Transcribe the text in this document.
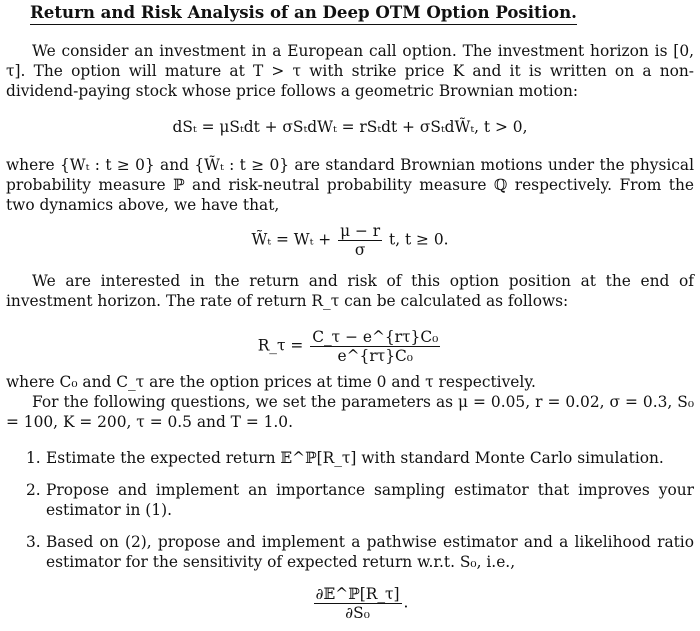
Return and Risk Analysis of an Deep OTM Option Position.
We consider an investment in a European call option. The investment horizon is [0, τ]. The option will mature at T > τ with strike price K and it is written on a non-dividend-paying stock whose price follows a geometric Brownian motion:
dSₜ = μSₜdt + σSₜdWₜ = rSₜdt + σSₜdW̃ₜ, t > 0,
where {Wₜ : t ≥ 0} and {W̃ₜ : t ≥ 0} are standard Brownian motions under the physical probability measure ℙ and risk-neutral probability measure ℚ respectively. From the two dynamics above, we have that,
W̃ₜ = $W_t + \frac{\mu - r}{\sigma} t$, t ≥ 0.
We are interested in the return and risk of this option position at the end of investment horizon. The rate of return R_τ can be calculated as follows:
R_τ = $\frac{\text{C\_τ − e\textasciicircum{}\{rτ\}C₀}}{\text{e\textasciicircum{}\{rτ\}C₀}}$
where C₀ and C_τ are the option prices at time 0 and τ respectively.
For the following questions, we set the parameters as μ = 0.05, r = 0.02, σ = 0.3, S₀ = 100, K = 200, τ = 0.5 and T = 1.0.
1. Estimate the expected return 𝔼^ℙ[R_τ] with standard Monte Carlo simulation.
2. Propose and implement an importance sampling estimator that improves your estimator in (1).
3. Based on (2), propose and implement a pathwise estimator and a likelihood ratio estimator for the sensitivity of expected return w.r.t. S₀, i.e.,
$\frac{\text{∂𝔼\textasciicircum{}ℙ[R\_τ]}}{\text{∂S₀}}$ .
